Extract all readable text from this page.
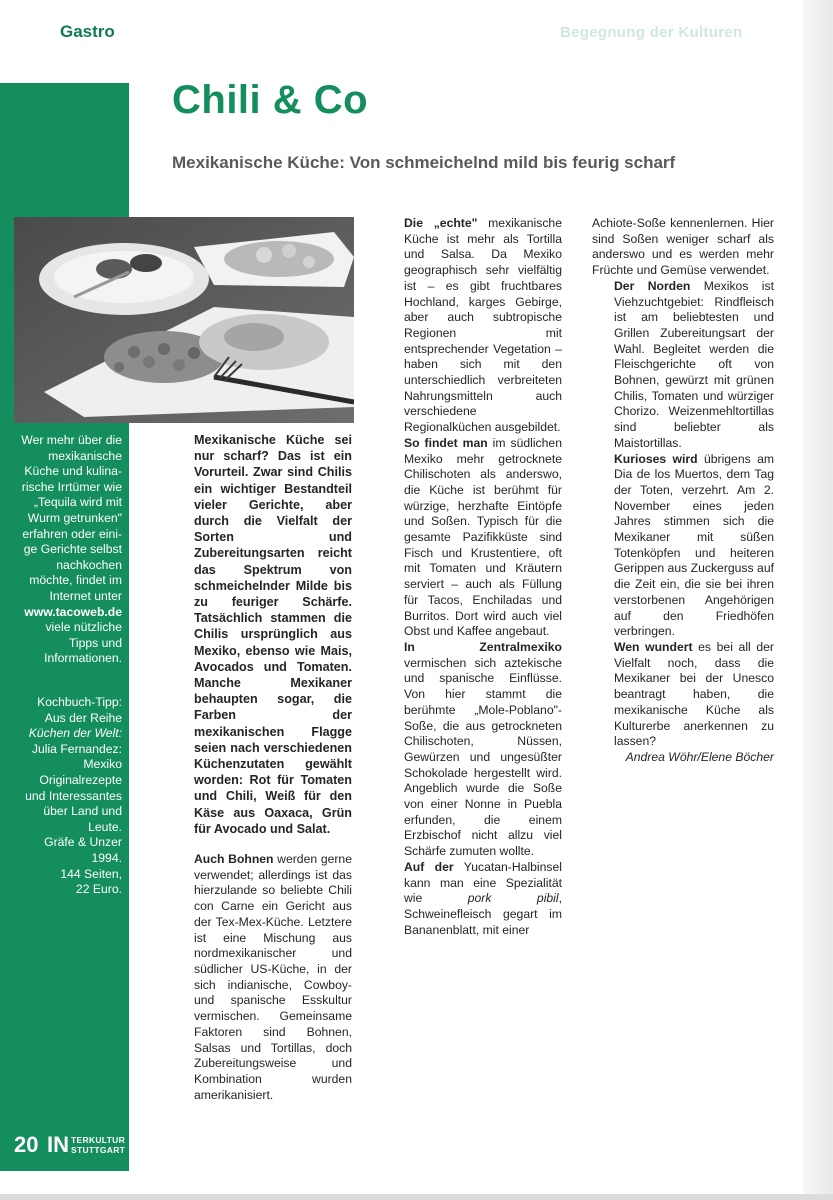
Gastro	Begegnung der Kulturen
Chili & Co
Mexikanische Küche: Von schmeichelnd mild bis feurig scharf
Wer mehr über die
mexikanische
Küche und kulina-
rische Irrtümer wie
„Tequila wird mit
Wurm getrunken"
erfahren oder eini-
ge Gerichte selbst
nachkochen
möchte, findet im
Internet unter
www.tacoweb.de
viele nützliche
Tipps und
Informationen.
Kochbuch-Tipp:
Aus der Reihe
Küchen der Welt:
Julia Fernandez:
Mexiko
Originalrezepte
und Interessantes
über Land und
Leute.
Gräfe & Unzer
1994.
144 Seiten,
22 Euro.

Mexikanische Küche sei nur scharf? Das ist ein Vorurteil. Zwar sind Chilis ein wichtiger Bestandteil vieler Gerichte, aber durch die Vielfalt der Sorten und Zubereitungsarten reicht das Spektrum von schmeichelnder Milde bis zu feuriger Schärfe. Tatsächlich stammen die Chilis ursprünglich aus Mexiko, ebenso wie Mais, Avocados und Tomaten. Manche Mexikaner behaupten sogar, die Farben der mexikanischen Flagge seien nach verschiedenen Küchenzutaten gewählt worden: Rot für Tomaten und Chili, Weiß für den Käse aus Oaxaca, Grün für Avocado und Salat.

Auch Bohnen werden gerne verwendet; allerdings ist das hierzulande so beliebte Chili con Carne ein Gericht aus der Tex-Mex-Küche. Letztere ist eine Mischung aus nordmexikanischer und südlicher US-Küche, in der sich indianische, Cowboy- und spanische Esskultur vermischen. Gemeinsame Faktoren sind Bohnen, Salsas und Tortillas, doch Zubereitungsweise und Kombination wurden amerikanisiert.

Die „echte" mexikanische Küche ist mehr als Tortilla und Salsa. Da Mexiko geographisch sehr vielfältig ist – es gibt fruchtbares Hochland, karges Gebirge, aber auch subtropische Regionen mit entsprechender Vegetation – haben sich mit den unterschiedlich verbreiteten Nahrungsmitteln auch verschiedene Regionalküchen ausgebildet.

So findet man im südlichen Mexiko mehr getrocknete Chilischoten als anderswo, die Küche ist berühmt für würzige, herzhafte Eintöpfe und Soßen. Typisch für die gesamte Pazifikküste sind Fisch und Krustentiere, oft mit Tomaten und Kräutern serviert – auch als Füllung für Tacos, Enchiladas und Burritos. Dort wird auch viel Obst und Kaffee angebaut.

In Zentralmexiko vermischen sich aztekische und spanische Einflüsse. Von hier stammt die berühmte „Mole-Poblano"-Soße, die aus getrockneten Chilischoten, Nüssen, Gewürzen und ungesüßter Schokolade hergestellt wird. Angeblich wurde die Soße von einer Nonne in Puebla erfunden, die einem Erzbischof nicht allzu viel Schärfe zumuten wollte.

Auf der Yucatan-Halbinsel kann man eine Spezialität wie pork pibil, Schweinefleisch gegart im Bananenblatt, mit einer

Achiote-Soße kennenlernen. Hier sind Soßen weniger scharf als anderswo und es werden mehr Früchte und Gemüse verwendet.

Der Norden Mexikos ist Viehzuchtgebiet: Rindfleisch ist am beliebtesten und Grillen Zubereitungsart der Wahl. Begleitet werden die Fleischgerichte oft von Bohnen, gewürzt mit grünen Chilis, Tomaten und würziger Chorizo. Weizenmehltortillas sind beliebter als Maistortillas.

Kurioses wird übrigens am Dia de los Muertos, dem Tag der Toten, verzehrt. Am 2. November eines jeden Jahres stimmen sich die Mexikaner mit süßen Totenköpfen und heiteren Gerippen aus Zuckerguss auf die Zeit ein, die sie bei ihren verstorbenen Angehörigen auf den Friedhöfen verbringen.

Wen wundert es bei all der Vielfalt noch, dass die Mexikaner bei der Unesco beantragt haben, die mexikanische Küche als Kulturerbe anerkennen zu lassen?

Andrea Wöhr/Elene Böcher

20 IN TERKULTUR
STUTTGART
